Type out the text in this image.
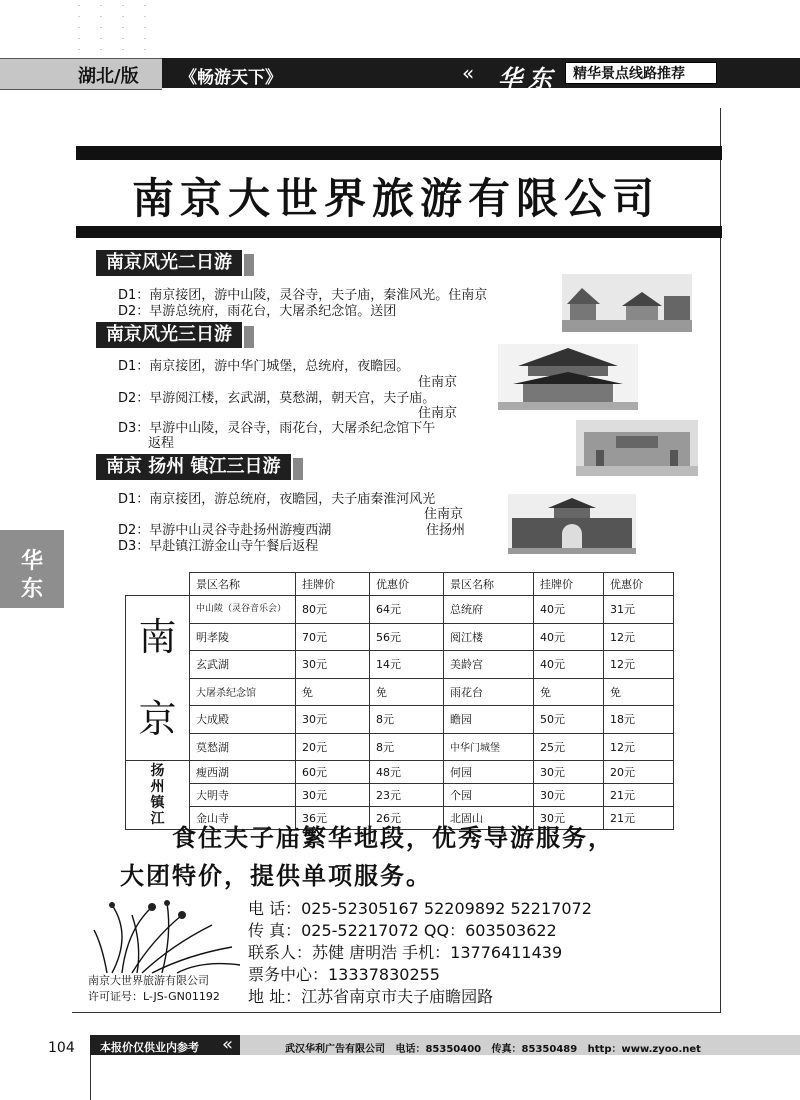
湖北/版 《畅游天下》	« 华东 精华景点线路推荐
南京大世界旅游有限公司
南京风光二日游
D1：南京接团，游中山陵，灵谷寺，夫子庙，秦淮风光。住南京
D2：早游总统府，雨花台，大屠杀纪念馆。送团
南京风光三日游
D1：南京接团，游中华门城堡，总统府，夜瞻园。
住南京
D2：早游阅江楼，玄武湖，莫愁湖，朝天宫，夫子庙。
住南京
D3：早游中山陵，灵谷寺，雨花台，大屠杀纪念馆下午
返程
南京 扬州 镇江三日游
D1：南京接团，游总统府，夜瞻园，夫子庙秦淮河风光
住南京
D2：早游中山灵谷寺赴扬州游瘦西湖	住扬州
D3：早赴镇江游金山寺午餐后返程
华
东
		景区名称	挂牌价	优惠价	景区名称	挂牌价	优惠价

南
京	中山陵（灵谷音乐会）	80元	64元	总统府	40元	31元
	明孝陵	70元	56元	阅江楼	40元	12元
	玄武湖	30元	14元	美龄宫	40元	12元
	大屠杀纪念馆	免	免	雨花台	免	免
	大成殿	30元	8元	瞻园	50元	18元
	莫愁湖	20元	8元	中华门城堡	25元	12元

扬州镇江	瘦西湖	60元	48元	何园	30元	20元
	大明寺	30元	23元	个园	30元	21元
	金山寺	36元	26元	北固山	30元	21元
食住夫子庙繁华地段，优秀导游服务，
大团特价，提供单项服务。
电 话：025-52305167 52209892 52217072
传 真：025-52217072 QQ：603503622
联系人：苏健 唐明浩 手机：13776411439
票务中心：13337830255
地 址：江苏省南京市夫子庙瞻园路
南京大世界旅游有限公司
许可证号：L-JS-GN01192
104	«
本报价仅供业内参考	武汉华利广告有限公司   电话：85350400   传真：85350489   http：www.zyoo.net
